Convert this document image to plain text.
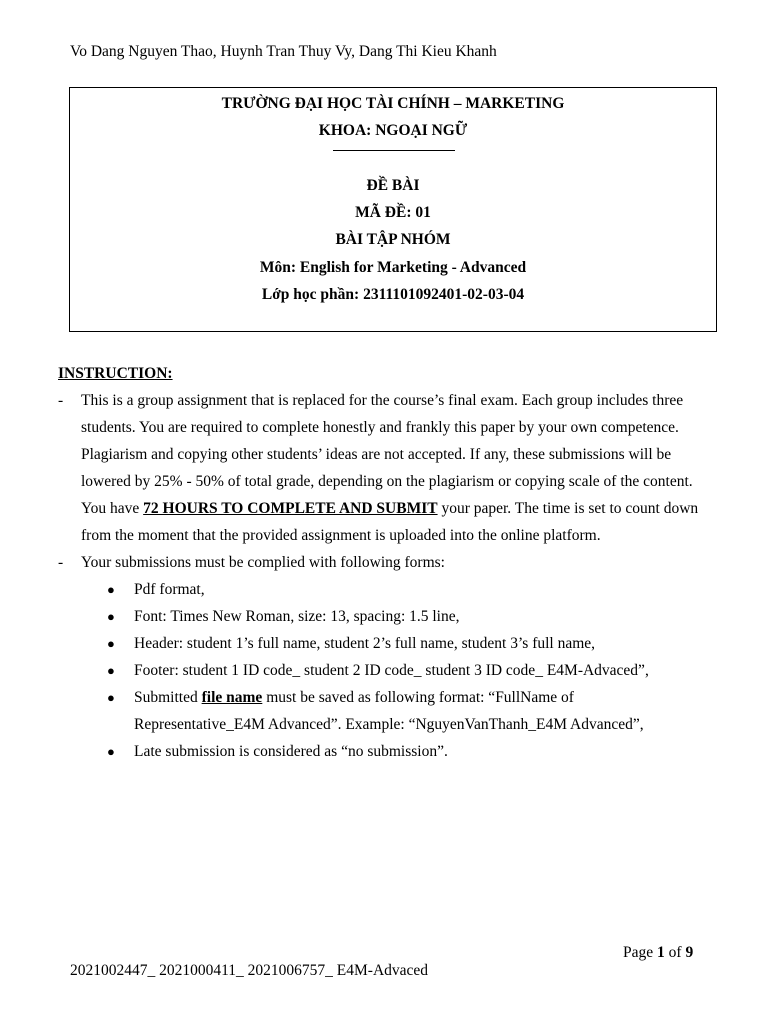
Vo Dang Nguyen Thao, Huynh Tran Thuy Vy, Dang Thi Kieu Khanh
TRƯỜNG ĐẠI HỌC TÀI CHÍNH – MARKETING
KHOA: NGOẠI NGỮ
ĐỀ BÀI
MÃ ĐỀ: 01
BÀI TẬP NHÓM
Môn: English for Marketing - Advanced
Lớp học phần: 2311101092401-02-03-04
INSTRUCTION:
- This is a group assignment that is replaced for the course’s final exam. Each group includes three students. You are required to complete honestly and frankly this paper by your own competence. Plagiarism and copying other students’ ideas are not accepted. If any, these submissions will be lowered by 25% - 50% of total grade, depending on the plagiarism or copying scale of the content. You have 72 HOURS TO COMPLETE AND SUBMIT your paper. The time is set to count down from the moment that the provided assignment is uploaded into the online platform.
- Your submissions must be complied with following forms:
● Pdf format,
● Font: Times New Roman, size: 13, spacing: 1.5 line,
● Header: student 1’s full name, student 2’s full name, student 3’s full name,
● Footer: student 1 ID code_ student 2 ID code_ student 3 ID code_ E4M-Advaced”,
● Submitted file name must be saved as following format: “FullName of Representative_E4M Advanced”. Example: “NguyenVanThanh_E4M Advanced”,
● Late submission is considered as “no submission”.
Page 1 of 9
2021002447_ 2021000411_ 2021006757_ E4M-Advaced
